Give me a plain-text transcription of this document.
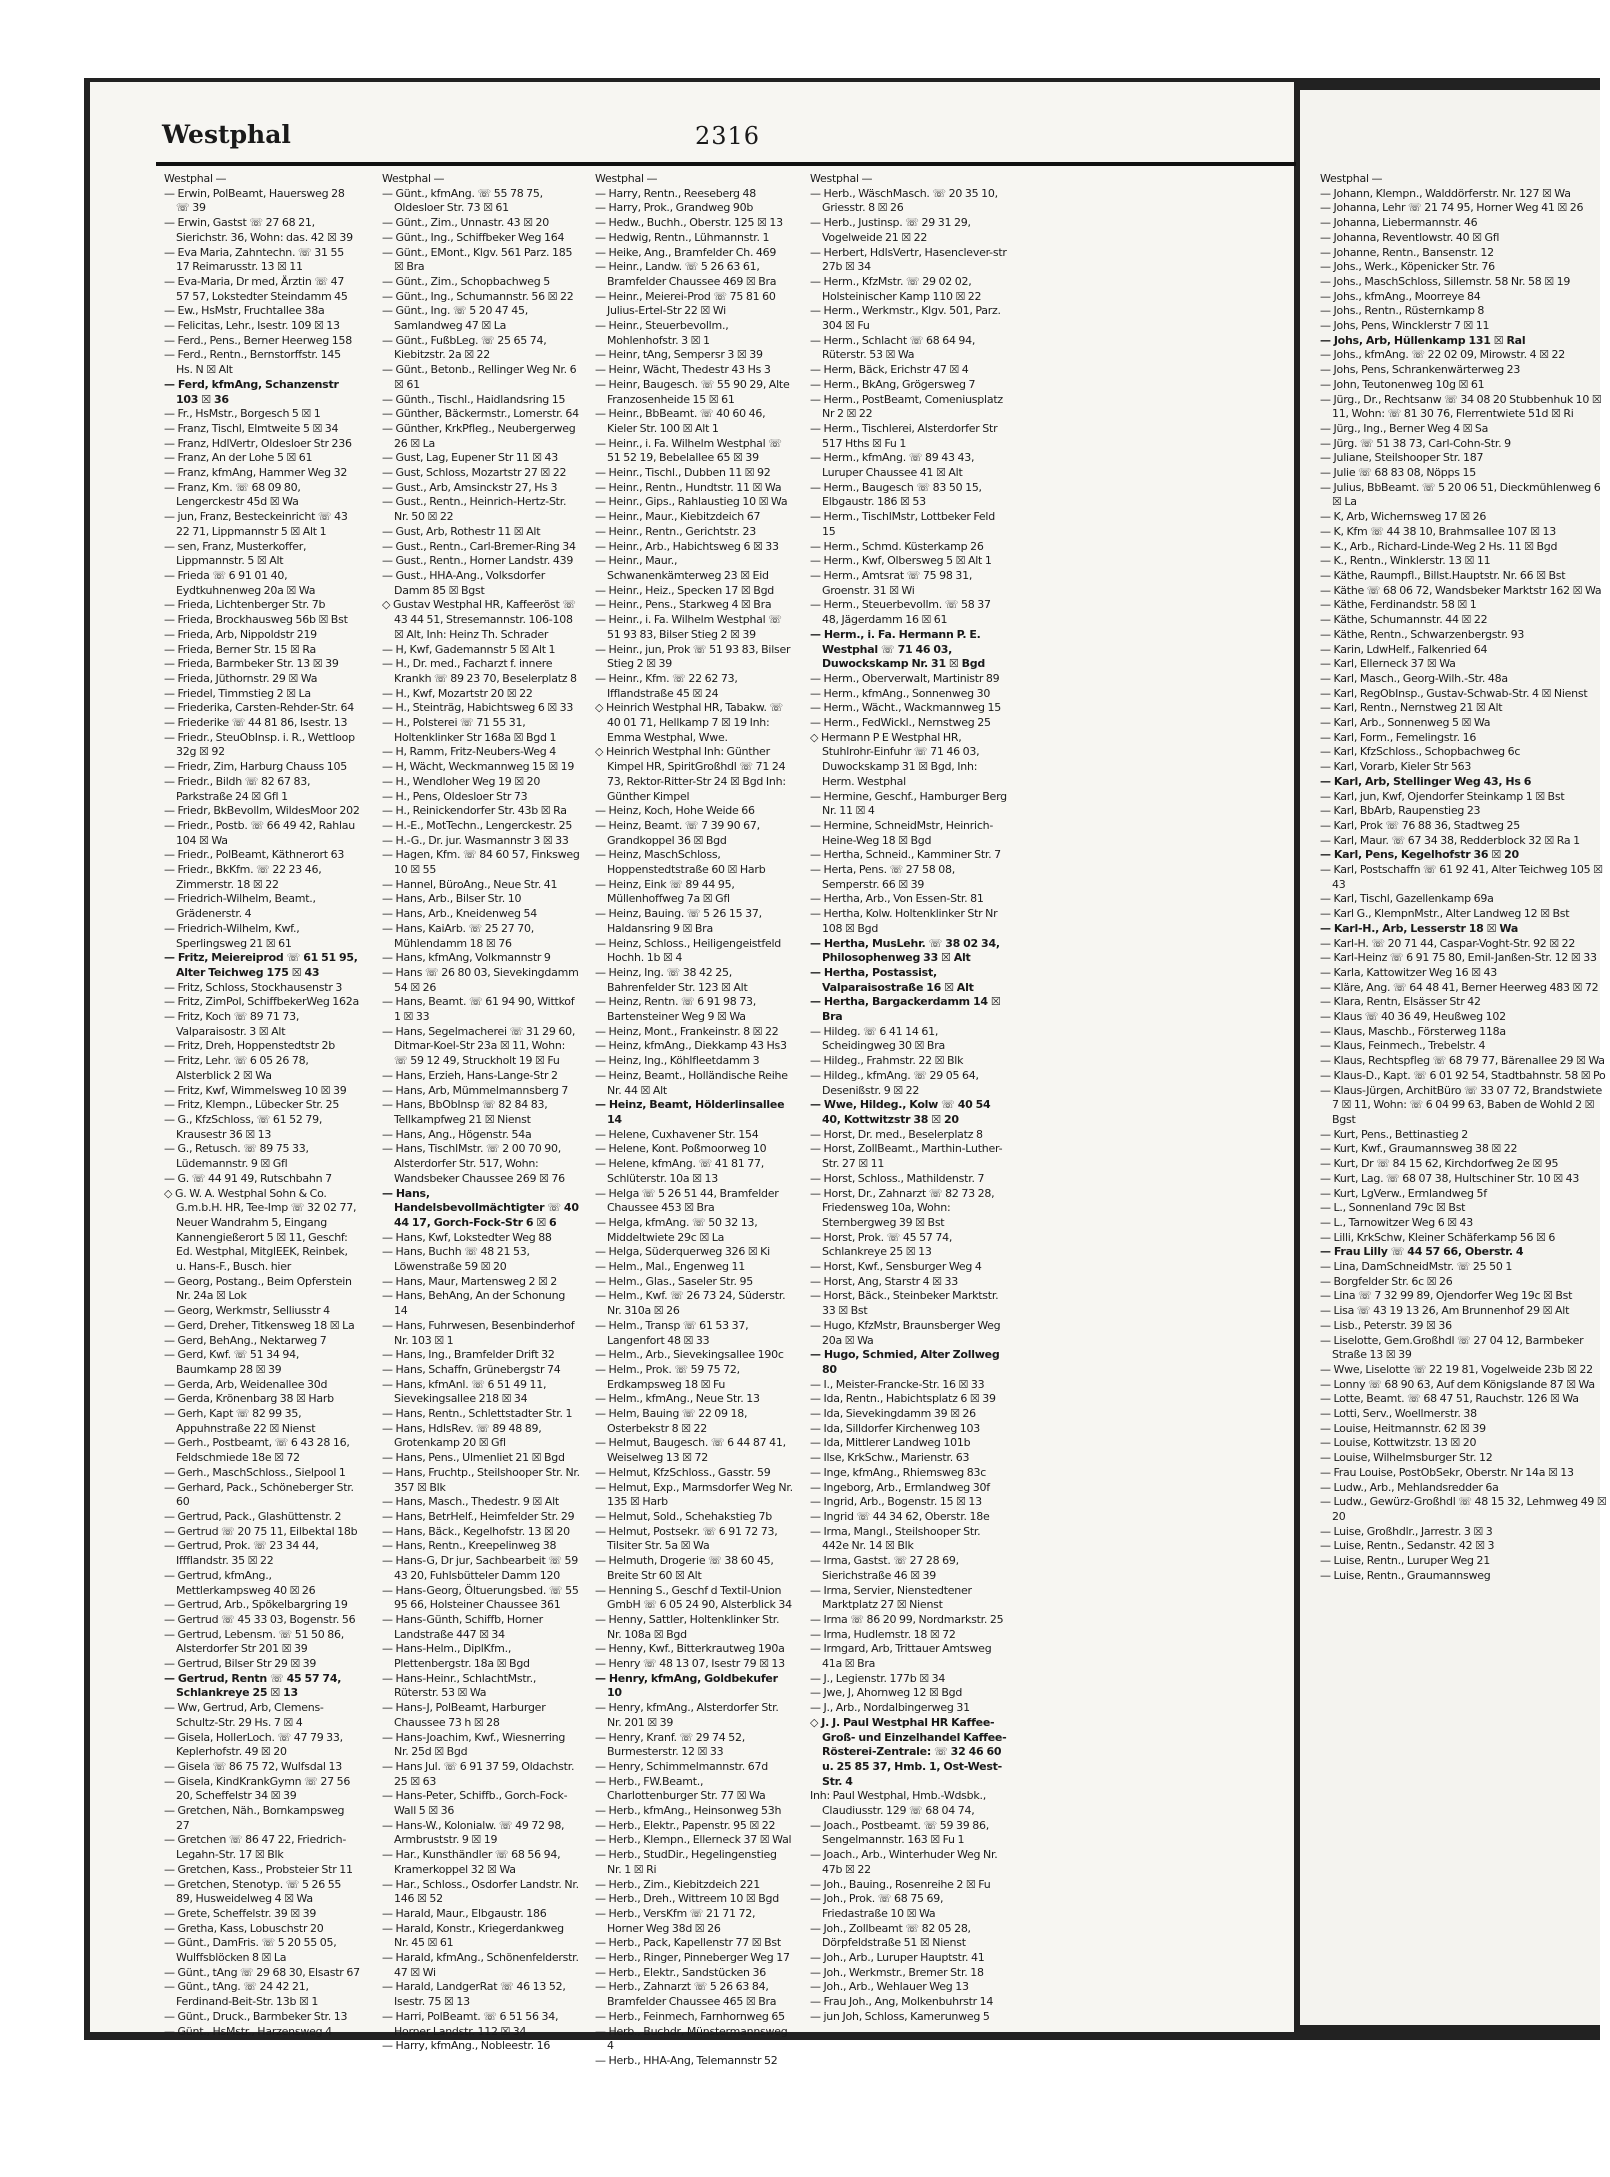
Westphal	2316
Westphal —
— Erwin, PolBeamt, Hauersweg 28 ☏ 39
— Erwin, Gastst ☏ 27 68 21, Sierichstr. 36, Wohn: das. 42 ☒ 39
— Eva Maria, Zahntechn. ☏ 31 55 17 Reimarusstr. 13 ☒ 11
— Eva-Maria, Dr med, Ärztin ☏ 47 57 57, Lokstedter Steindamm 45
— Ew., HsMstr, Fruchtallee 38a
— Felicitas, Lehr., Isestr. 109 ☒ 13
— Ferd., Pens., Berner Heerweg 158
— Ferd., Rentn., Bernstorffstr. 145 Hs. N ☒ Alt
— Ferd, kfmAng, Schanzenstr 103 ☒ 36
— Fr., HsMstr., Borgesch 5 ☒ 1
— Franz, Tischl, Elmtweite 5 ☒ 34
— Franz, HdlVertr, Oldesloer Str 236
— Franz, An der Lohe 5 ☒ 61
— Franz, kfmAng, Hammer Weg 32
— Franz, Km. ☏ 68 09 80, Lengerckestr 45d ☒ Wa
— jun, Franz, Besteckeinricht ☏ 43 22 71, Lippmannstr 5 ☒ Alt 1
— sen, Franz, Musterkoffer, Lippmannstr. 5 ☒ Alt
— Frieda ☏ 6 91 01 40, Eydtkuhnenweg 20a ☒ Wa
— Frieda, Lichtenberger Str. 7b
— Frieda, Brockhausweg 56b ☒ Bst
— Frieda, Arb, Nippoldstr 219
— Frieda, Berner Str. 15 ☒ Ra
— Frieda, Barmbeker Str. 13 ☒ 39
— Frieda, Jüthornstr. 29 ☒ Wa
— Friedel, Timmstieg 2 ☒ La
— Friederika, Carsten-Rehder-Str. 64
— Friederike ☏ 44 81 86, Isestr. 13
— Friedr., SteuObInsp. i. R., Wettloop 32g ☒ 92
— Friedr, Zim, Harburg Chauss 105
— Friedr., Bildh ☏ 82 67 83, Parkstraße 24 ☒ Gfl 1
— Friedr, BkBevollm, WildesMoor 202
— Friedr., Postb. ☏ 66 49 42, Rahlau 104 ☒ Wa
— Friedr., PolBeamt, Käthnerort 63
— Friedr., BkKfm. ☏ 22 23 46, Zimmerstr. 18 ☒ 22
— Friedrich-Wilhelm, Beamt., Grädenerstr. 4
— Friedrich-Wilhelm, Kwf., Sperlingsweg 21 ☒ 61
— Fritz, Meiereiprod ☏ 61 51 95, Alter Teichweg 175 ☒ 43
— Fritz, Schloss, Stockhausenstr 3
— Fritz, ZimPol, SchiffbekerWeg 162a
— Fritz, Koch ☏ 89 71 73, Valparaisostr. 3 ☒ Alt
— Fritz, Dreh, Hoppenstedtstr 2b
— Fritz, Lehr. ☏ 6 05 26 78, Alsterblick 2 ☒ Wa
— Fritz, Kwf, Wimmelsweg 10 ☒ 39
— Fritz, Klempn., Lübecker Str. 25
— G., KfzSchloss, ☏ 61 52 79, Krausestr 36 ☒ 13
— G., Retusch. ☏ 89 75 33, Lüdemannstr. 9 ☒ Gfl
— G. ☏ 44 91 49, Rutschbahn 7
◇ G. W. A. Westphal Sohn & Co. G.m.b.H. HR, Tee-Imp ☏ 32 02 77, Neuer Wandrahm 5, Eingang Kannengießerort 5 ☒ 11, Geschf: Ed. Westphal, MitglEEK, Reinbek, u. Hans-F., Busch. hier
— Georg, Postang., Beim Opferstein Nr. 24a ☒ Lok
— Georg, Werkmstr, Selliusstr 4
— Gerd, Dreher, Titkensweg 18 ☒ La
— Gerd, BehAng., Nektarweg 7
— Gerd, Kwf. ☏ 51 34 94, Baumkamp 28 ☒ 39
— Gerda, Arb, Weidenallee 30d
— Gerda, Krönenbarg 38 ☒ Harb
— Gerh, Kapt ☏ 82 99 35, Appuhnstraße 22 ☒ Nienst
— Gerh., Postbeamt, ☏ 6 43 28 16, Feldschmiede 18e ☒ 72
— Gerh., MaschSchloss., Sielpool 1
— Gerhard, Pack., Schöneberger Str. 60
— Gertrud, Pack., Glashüttenstr. 2
— Gertrud ☏ 20 75 11, Eilbektal 18b
— Gertrud, Prok. ☏ 23 34 44, Iffflandstr. 35 ☒ 22
— Gertrud, kfmAng., Mettlerkampsweg 40 ☒ 26
— Gertrud, Arb., Spökelbargring 19
— Gertrud ☏ 45 33 03, Bogenstr. 56
— Gertrud, Lebensm. ☏ 51 50 86, Alsterdorfer Str 201 ☒ 39
— Gertrud, Bilser Str 29 ☒ 39
— Gertrud, Rentn ☏ 45 57 74, Schlankreye 25 ☒ 13
— Ww, Gertrud, Arb, Clemens-Schultz-Str. 29 Hs. 7 ☒ 4
— Gisela, HollerLoch. ☏ 47 79 33, Keplerhofstr. 49 ☒ 20
— Gisela ☏ 86 75 72, Wulfsdal 13
— Gisela, KindKrankGymn ☏ 27 56 20, Scheffelstr 34 ☒ 39
— Gretchen, Näh., Bornkampsweg 27
— Gretchen ☏ 86 47 22, Friedrich-Legahn-Str. 17 ☒ Blk
— Gretchen, Kass., Probsteier Str 11
— Gretchen, Stenotyp. ☏ 5 26 55 89, Husweidelweg 4 ☒ Wa
— Grete, Scheffelstr. 39 ☒ 39
— Gretha, Kass, Lobuschstr 20
— Günt., DamFris. ☏ 5 20 55 05, Wulffsblöcken 8 ☒ La
— Günt., tAng ☏ 29 68 30, Elsastr 67
— Günt., tAng. ☏ 24 42 21, Ferdinand-Beit-Str. 13b ☒ 1
— Günt., Druck., Barmbeker Str. 13
— Günt., HsMstr., Harzensweg 4
Westphal —
— Günt., kfmAng. ☏ 55 78 75, Oldesloer Str. 73 ☒ 61
— Günt., Zim., Unnastr. 43 ☒ 20
— Günt., Ing., Schiffbeker Weg 164
— Günt., EMont., Klgv. 561 Parz. 185 ☒ Bra
— Günt., Zim., Schopbachweg 5
— Günt., Ing., Schumannstr. 56 ☒ 22
— Günt., Ing. ☏ 5 20 47 45, Samlandweg 47 ☒ La
— Günt., FußbLeg. ☏ 25 65 74, Kiebitzstr. 2a ☒ 22
— Günt., Betonb., Rellinger Weg Nr. 6 ☒ 61
— Günth., Tischl., Haidlandsring 15
— Günther, Bäckermstr., Lomerstr. 64
— Günther, KrkPfleg., Neubergerweg 26 ☒ La
— Gust, Lag, Eupener Str 11 ☒ 43
— Gust, Schloss, Mozartstr 27 ☒ 22
— Gust., Arb, Amsinckstr 27, Hs 3
— Gust., Rentn., Heinrich-Hertz-Str. Nr. 50 ☒ 22
— Gust, Arb, Rothestr 11 ☒ Alt
— Gust., Rentn., Carl-Bremer-Ring 34
— Gust., Rentn., Horner Landstr. 439
— Gust., HHA-Ang., Volksdorfer Damm 85 ☒ Bgst
◇ Gustav Westphal HR, Kaffeeröst ☏ 43 44 51, Stresemannstr. 106-108 ☒ Alt, Inh: Heinz Th. Schrader
— H, Kwf, Gademannstr 5 ☒ Alt 1
— H., Dr. med., Facharzt f. innere Krankh ☏ 89 23 70, Beselerplatz 8
— H., Kwf, Mozartstr 20 ☒ 22
— H., Steinträg, Habichtsweg 6 ☒ 33
— H., Polsterei ☏ 71 55 31, Holtenklinker Str 168a ☒ Bgd 1
— H, Ramm, Fritz-Neubers-Weg 4
— H, Wächt, Weckmannweg 15 ☒ 19
— H., Wendloher Weg 19 ☒ 20
— H., Pens, Oldesloer Str 73
— H., Reinickendorfer Str. 43b ☒ Ra
— H.-E., MotTechn., Lengerckestr. 25
— H.-G., Dr. jur. Wasmannstr 3 ☒ 33
— Hagen, Kfm. ☏ 84 60 57, Finksweg 10 ☒ 55
— Hannel, BüroAng., Neue Str. 41
— Hans, Arb., Bilser Str. 10
— Hans, Arb., Kneidenweg 54
— Hans, KaiArb. ☏ 25 27 70, Mühlendamm 18 ☒ 76
— Hans, kfmAng, Volkmannstr 9
— Hans ☏ 26 80 03, Sievekingdamm 54 ☒ 26
— Hans, Beamt. ☏ 61 94 90, Wittkof 1 ☒ 33
— Hans, Segelmacherei ☏ 31 29 60, Ditmar-Koel-Str 23a ☒ 11, Wohn: ☏ 59 12 49, Struckholt 19 ☒ Fu
— Hans, Erzieh, Hans-Lange-Str 2
— Hans, Arb, Mümmelmannsberg 7
— Hans, BbObInsp ☏ 82 84 83, Tellkampfweg 21 ☒ Nienst
— Hans, Ang., Högenstr. 54a
— Hans, TischlMstr. ☏ 2 00 70 90, Alsterdorfer Str. 517, Wohn: Wandsbeker Chaussee 269 ☒ 76
— Hans, Handelsbevollmächtigter ☏ 40 44 17, Gorch-Fock-Str 6 ☒ 6
— Hans, Kwf, Lokstedter Weg 88
— Hans, Buchh ☏ 48 21 53, Löwenstraße 59 ☒ 20
— Hans, Maur, Martensweg 2 ☒ 2
— Hans, BehAng, An der Schonung 14
— Hans, Fuhrwesen, Besenbinderhof Nr. 103 ☒ 1
— Hans, Ing., Bramfelder Drift 32
— Hans, Schaffn, Grünebergstr 74
— Hans, kfmAnl. ☏ 6 51 49 11, Sievekingsallee 218 ☒ 34
— Hans, Rentn., Schlettstadter Str. 1
— Hans, HdlsRev. ☏ 89 48 89, Grotenkamp 20 ☒ Gfl
— Hans, Pens., Ulmenliet 21 ☒ Bgd
— Hans, Fruchtp., Steilshooper Str. Nr. 357 ☒ Blk
— Hans, Masch., Thedestr. 9 ☒ Alt
— Hans, BetrHelf., Heimfelder Str. 29
— Hans, Bäck., Kegelhofstr. 13 ☒ 20
— Hans, Rentn., Kreepelinweg 38
— Hans-G, Dr jur, Sachbearbeit ☏ 59 43 20, Fuhlsbütteler Damm 120
— Hans-Georg, Öltuerungsbed. ☏ 55 95 66, Holsteiner Chaussee 361
— Hans-Günth, Schiffb, Horner Landstraße 447 ☒ 34
— Hans-Helm., DiplKfm., Plettenbergstr. 18a ☒ Bgd
— Hans-Heinr., SchlachtMstr., Rüterstr. 53 ☒ Wa
— Hans-J, PolBeamt, Harburger Chaussee 73 h ☒ 28
— Hans-Joachim, Kwf., Wiesnerring Nr. 25d ☒ Bgd
— Hans Jul. ☏ 6 91 37 59, Oldachstr. 25 ☒ 63
— Hans-Peter, Schiffb., Gorch-Fock-Wall 5 ☒ 36
— Hans-W., Kolonialw. ☏ 49 72 98, Armbruststr. 9 ☒ 19
— Har., Kunsthändler ☏ 68 56 94, Kramerkoppel 32 ☒ Wa
— Har., Schloss., Osdorfer Landstr. Nr. 146 ☒ 52
— Harald, Maur., Elbgaustr. 186
— Harald, Konstr., Kriegerdankweg Nr. 45 ☒ 61
— Harald, kfmAng., Schönenfelderstr. 47 ☒ Wi
— Harald, LandgerRat ☏ 46 13 52, Isestr. 75 ☒ 13
— Harri, PolBeamt. ☏ 6 51 56 34, Horner Landstr. 112 ☒ 34
— Harry, kfmAng., Nobleestr. 16
Westphal —
— Harry, Rentn., Reeseberg 48
— Harry, Prok., Grandweg 90b
— Hedw., Buchh., Oberstr. 125 ☒ 13
— Hedwig, Rentn., Lühmannstr. 1
— Heike, Ang., Bramfelder Ch. 469
— Heinr., Landw. ☏ 5 26 63 61, Bramfelder Chaussee 469 ☒ Bra
— Heinr., Meierei-Prod ☏ 75 81 60 Julius-Ertel-Str 22 ☒ Wi
— Heinr., Steuerbevollm., Mohlenhofstr. 3 ☒ 1
— Heinr, tAng, Sempersr 3 ☒ 39
— Heinr, Wächt, Thedestr 43 Hs 3
— Heinr, Baugesch. ☏ 55 90 29, Alte Franzosenheide 15 ☒ 61
— Heinr., BbBeamt. ☏ 40 60 46, Kieler Str. 100 ☒ Alt 1
— Heinr., i. Fa. Wilhelm Westphal ☏ 51 52 19, Bebelallee 65 ☒ 39
— Heinr., Tischl., Dubben 11 ☒ 92
— Heinr., Rentn., Hundtstr. 11 ☒ Wa
— Heinr., Gips., Rahlaustieg 10 ☒ Wa
— Heinr., Maur., Kiebitzdeich 67
— Heinr., Rentn., Gerichtstr. 23
— Heinr., Arb., Habichtsweg 6 ☒ 33
— Heinr., Maur., Schwanenkämterweg 23 ☒ Eid
— Heinr., Heiz., Specken 17 ☒ Bgd
— Heinr., Pens., Starkweg 4 ☒ Bra
— Heinr., i. Fa. Wilhelm Westphal ☏ 51 93 83, Bilser Stieg 2 ☒ 39
— Heinr., jun, Prok ☏ 51 93 83, Bilser Stieg 2 ☒ 39
— Heinr., Kfm. ☏ 22 62 73, Ifflandstraße 45 ☒ 24
◇ Heinrich Westphal HR, Tabakw. ☏ 40 01 71, Hellkamp 7 ☒ 19 Inh: Emma Westphal, Wwe.
◇ Heinrich Westphal Inh: Günther Kimpel HR, SpiritGroßhdl ☏ 71 24 73, Rektor-Ritter-Str 24 ☒ Bgd Inh: Günther Kimpel
— Heinz, Koch, Hohe Weide 66
— Heinz, Beamt. ☏ 7 39 90 67, Grandkoppel 36 ☒ Bgd
— Heinz, MaschSchloss, Hoppenstedtstraße 60 ☒ Harb
— Heinz, Eink ☏ 89 44 95, Müllenhoffweg 7a ☒ Gfl
— Heinz, Bauing. ☏ 5 26 15 37, Haldansring 9 ☒ Bra
— Heinz, Schloss., Heiligengeistfeld Hochh. 1b ☒ 4
— Heinz, Ing. ☏ 38 42 25, Bahrenfelder Str. 123 ☒ Alt
— Heinz, Rentn. ☏ 6 91 98 73, Bartensteiner Weg 9 ☒ Wa
— Heinz, Mont., Frankeinstr. 8 ☒ 22
— Heinz, kfmAng., Diekkamp 43 Hs3
— Heinz, Ing., Köhlfleetdamm 3
— Heinz, Beamt., Holländische Reihe Nr. 44 ☒ Alt
— Heinz, Beamt, Hölderlinsallee 14
— Helene, Cuxhavener Str. 154
— Helene, Kont. Poßmoorweg 10
— Helene, kfmAng. ☏ 41 81 77, Schlüterstr. 10a ☒ 13
— Helga ☏ 5 26 51 44, Bramfelder Chaussee 453 ☒ Bra
— Helga, kfmAng. ☏ 50 32 13, Middeltwiete 29c ☒ La
— Helga, Süderquerweg 326 ☒ Ki
— Helm., Mal., Engenweg 11
— Helm., Glas., Saseler Str. 95
— Helm., Kwf. ☏ 26 73 24, Süderstr. Nr. 310a ☒ 26
— Helm., Transp ☏ 61 53 37, Langenfort 48 ☒ 33
— Helm., Arb., Sievekingsallee 190c
— Helm., Prok. ☏ 59 75 72, Erdkampsweg 18 ☒ Fu
— Helm., kfmAng., Neue Str. 13
— Helm, Bauing ☏ 22 09 18, Osterbekstr 8 ☒ 22
— Helmut, Baugesch. ☏ 6 44 87 41, Weiselweg 13 ☒ 72
— Helmut, KfzSchloss., Gasstr. 59
— Helmut, Exp., Marmsdorfer Weg Nr. 135 ☒ Harb
— Helmut, Sold., Schehakstieg 7b
— Helmut, Postsekr. ☏ 6 91 72 73, Tilsiter Str. 5a ☒ Wa
— Helmuth, Drogerie ☏ 38 60 45, Breite Str 60 ☒ Alt
— Henning S., Geschf d Textil-Union GmbH ☏ 6 05 24 90, Alsterblick 34
— Henny, Sattler, Holtenklinker Str. Nr. 108a ☒ Bgd
— Henny, Kwf., Bitterkrautweg 190a
— Henry ☏ 48 13 07, Isestr 79 ☒ 13
— Henry, kfmAng, Goldbekufer 10
— Henry, kfmAng., Alsterdorfer Str. Nr. 201 ☒ 39
— Henry, Kranf. ☏ 29 74 52, Burmesterstr. 12 ☒ 33
— Henry, Schimmelmannstr. 67d
— Herb., FW.Beamt., Charlottenburger Str. 77 ☒ Wa
— Herb., kfmAng., Heinsonweg 53h
— Herb., Elektr., Papenstr. 95 ☒ 22
— Herb., Klempn., Ellerneck 37 ☒ Wal
— Herb., StudDir., Hegelingenstieg Nr. 1 ☒ Ri
— Herb., Zim., Kiebitzdeich 221
— Herb., Dreh., Wittreem 10 ☒ Bgd
— Herb., VersKfm ☏ 21 71 72, Horner Weg 38d ☒ 26
— Herb., Pack, Kapellenstr 77 ☒ Bst
— Herb., Ringer, Pinneberger Weg 17
— Herb., Elektr., Sandstücken 36
— Herb., Zahnarzt ☏ 5 26 63 84, Bramfelder Chaussee 465 ☒ Bra
— Herb., Feinmech, Farnhornweg 65
— Herb., Buchdr, Münstermannsweg 4
— Herb., HHA-Ang, Telemannstr 52
Westphal —
— Herb., WäschMasch. ☏ 20 35 10, Griesstr. 8 ☒ 26
— Herb., Justinsp. ☏ 29 31 29, Vogelweide 21 ☒ 22
— Herbert, HdlsVertr, Hasenclever-str 27b ☒ 34
— Herm., KfzMstr. ☏ 29 02 02, Holsteinischer Kamp 110 ☒ 22
— Herm., Werkmstr., Klgv. 501, Parz. 304 ☒ Fu
— Herm., Schlacht ☏ 68 64 94, Rüterstr. 53 ☒ Wa
— Herm, Bäck, Erichstr 47 ☒ 4
— Herm., BkAng, Grögersweg 7
— Herm., PostBeamt, Comeniusplatz Nr 2 ☒ 22
— Herm., Tischlerei, Alsterdorfer Str 517 Hths ☒ Fu 1
— Herm., kfmAng. ☏ 89 43 43, Luruper Chaussee 41 ☒ Alt
— Herm., Baugesch ☏ 83 50 15, Elbgaustr. 186 ☒ 53
— Herm., TischlMstr, Lottbeker Feld 15
— Herm., Schmd. Küsterkamp 26
— Herm., Kwf, Olbersweg 5 ☒ Alt 1
— Herm., Amtsrat ☏ 75 98 31, Groenstr. 31 ☒ Wi
— Herm., Steuerbevollm. ☏ 58 37 48, Jägerdamm 16 ☒ 61
— Herm., i. Fa. Hermann P. E. Westphal ☏ 71 46 03, Duwockskamp Nr. 31 ☒ Bgd
— Herm., Oberverwalt, Martinistr 89
— Herm., kfmAng., Sonnenweg 30
— Herm., Wächt., Wackmannweg 15
— Herm., FedWickl., Nernstweg 25
◇ Hermann P E Westphal HR, Stuhlrohr-Einfuhr ☏ 71 46 03, Duwockskamp 31 ☒ Bgd, Inh: Herm. Westphal
— Hermine, Geschf., Hamburger Berg Nr. 11 ☒ 4
— Hermine, SchneidMstr, Heinrich-Heine-Weg 18 ☒ Bgd
— Hertha, Schneid., Kamminer Str. 7
— Herta, Pens. ☏ 27 58 08, Semperstr. 66 ☒ 39
— Hertha, Arb., Von Essen-Str. 81
— Hertha, Kolw. Holtenklinker Str Nr 108 ☒ Bgd
— Hertha, MusLehr. ☏ 38 02 34, Philosophenweg 33 ☒ Alt
— Hertha, Postassist, Valparaisostraße 16 ☒ Alt
— Hertha, Bargackerdamm 14 ☒ Bra
— Hildeg. ☏ 6 41 14 61, Scheidingweg 30 ☒ Bra
— Hildeg., Frahmstr. 22 ☒ Blk
— Hildeg., kfmAng. ☏ 29 05 64, Desenißstr. 9 ☒ 22
— Wwe, Hildeg., Kolw ☏ 40 54 40, Kottwitzstr 38 ☒ 20
— Horst, Dr. med., Beselerplatz 8
— Horst, ZollBeamt., Marthin-Luther-Str. 27 ☒ 11
— Horst, Schloss., Mathildenstr. 7
— Horst, Dr., Zahnarzt ☏ 82 73 28, Friedensweg 10a, Wohn: Sternbergweg 39 ☒ Bst
— Horst, Prok. ☏ 45 57 74, Schlankreye 25 ☒ 13
— Horst, Kwf., Sensburger Weg 4
— Horst, Ang, Starstr 4 ☒ 33
— Horst, Bäck., Steinbeker Marktstr. 33 ☒ Bst
— Hugo, KfzMstr, Braunsberger Weg 20a ☒ Wa
— Hugo, Schmied, Alter Zollweg 80
— I., Meister-Francke-Str. 16 ☒ 33
— Ida, Rentn., Habichtsplatz 6 ☒ 39
— Ida, Sievekingdamm 39 ☒ 26
— Ida, Silldorfer Kirchenweg 103
— Ida, Mittlerer Landweg 101b
— Ilse, KrkSchw., Marienstr. 63
— Inge, kfmAng., Rhiemsweg 83c
— Ingeborg, Arb., Ermlandweg 30f
— Ingrid, Arb., Bogenstr. 15 ☒ 13
— Ingrid ☏ 44 34 62, Oberstr. 18e
— Irma, Mangl., Steilshooper Str. 442e Nr. 14 ☒ Blk
— Irma, Gastst. ☏ 27 28 69, Sierichstraße 46 ☒ 39
— Irma, Servier, Nienstedtener Marktplatz 27 ☒ Nienst
— Irma ☏ 86 20 99, Nordmarkstr. 25
— Irma, Hudlemstr. 18 ☒ 72
— Irmgard, Arb, Trittauer Amtsweg 41a ☒ Bra
— J., Legienstr. 177b ☒ 34
— Jwe, J, Ahornweg 12 ☒ Bgd
— J., Arb., Nordalbingerweg 31
◇ J. J. Paul Westphal HR Kaffee-Groß- und Einzelhandel Kaffee-Rösterei-Zentrale: ☏ 32 46 60 u. 25 85 37, Hmb. 1, Ost-West-Str. 4
Inh: Paul Westphal, Hmb.-Wdsbk., Claudiusstr. 129 ☏ 68 04 74,
— Joach., Postbeamt. ☏ 59 39 86, Sengelmannstr. 163 ☒ Fu 1
— Joach., Arb., Winterhuder Weg Nr. 47b ☒ 22
— Joh., Bauing., Rosenreihe 2 ☒ Fu
— Joh., Prok. ☏ 68 75 69, Friedastraße 10 ☒ Wa
— Joh., Zollbeamt ☏ 82 05 28, Dörpfeldstraße 51 ☒ Nienst
— Joh., Arb., Luruper Hauptstr. 41
— Joh., Werkmstr., Bremer Str. 18
— Joh., Arb., Wehlauer Weg 13
— Frau Joh., Ang, Molkenbuhrstr 14
— jun Joh, Schloss, Kamerunweg 5
Westphal —
— Johann, Klempn., Walddörferstr. Nr. 127 ☒ Wa
— Johanna, Lehr ☏ 21 74 95, Horner Weg 41 ☒ 26
— Johanna, Liebermannstr. 46
— Johanna, Reventlowstr. 40 ☒ Gfl
— Johanne, Rentn., Bansenstr. 12
— Johs., Werk., Köpenicker Str. 76
— Johs., MaschSchloss, Sillemstr. 58 Nr. 58 ☒ 19
— Johs., kfmAng., Moorreye 84
— Johs., Rentn., Rüsternkamp 8
— Johs, Pens, Wincklerstr 7 ☒ 11
— Johs, Arb, Hüllenkamp 131 ☒ Ral
— Johs., kfmAng. ☏ 22 02 09, Mirowstr. 4 ☒ 22
— Johs, Pens, Schrankenwärterweg 23
— John, Teutonenweg 10g ☒ 61
— Jürg., Dr., Rechtsanw ☏ 34 08 20 Stubbenhuk 10 ☒ 11, Wohn: ☏ 81 30 76, Flerrentwiete 51d ☒ Ri
— Jürg., Ing., Berner Weg 4 ☒ Sa
— Jürg. ☏ 51 38 73, Carl-Cohn-Str. 9
— Juliane, Steilshooper Str. 187
— Julie ☏ 68 83 08, Nöpps 15
— Julius, BbBeamt. ☏ 5 20 06 51, Dieckmühlenweg 6 ☒ La
— K, Arb, Wichernsweg 17 ☒ 26
— K, Kfm ☏ 44 38 10, Brahmsallee 107 ☒ 13
— K., Arb., Richard-Linde-Weg 2 Hs. 11 ☒ Bgd
— K., Rentn., Winklerstr. 13 ☒ 11
— Käthe, Raumpfl., Billst.Hauptstr. Nr. 66 ☒ Bst
— Käthe ☏ 68 06 72, Wandsbeker Marktstr 162 ☒ Wa
— Käthe, Ferdinandstr. 58 ☒ 1
— Käthe, Schumannstr. 44 ☒ 22
— Käthe, Rentn., Schwarzenbergstr. 93
— Karin, LdwHelf., Falkenried 64
— Karl, Ellerneck 37 ☒ Wa
— Karl, Masch., Georg-Wilh.-Str. 48a
— Karl, RegObInsp., Gustav-Schwab-Str. 4 ☒ Nienst
— Karl, Rentn., Nernstweg 21 ☒ Alt
— Karl, Arb., Sonnenweg 5 ☒ Wa
— Karl, Form., Femelingstr. 16
— Karl, KfzSchloss., Schopbachweg 6c
— Karl, Vorarb, Kieler Str 563
— Karl, Arb, Stellinger Weg 43, Hs 6
— Karl, jun, Kwf, Ojendorfer Steinkamp 1 ☒ Bst
— Karl, BbArb, Raupenstieg 23
— Karl, Prok ☏ 76 88 36, Stadtweg 25
— Karl, Maur. ☏ 67 34 38, Redderblock 32 ☒ Ra 1
— Karl, Pens, Kegelhofstr 36 ☒ 20
— Karl, Postschaffn ☏ 61 92 41, Alter Teichweg 105 ☒ 43
— Karl, Tischl, Gazellenkamp 69a
— Karl G., KlempnMstr., Alter Landweg 12 ☒ Bst
— Karl-H., Arb, Lesserstr 18 ☒ Wa
— Karl-H. ☏ 20 71 44, Caspar-Voght-Str. 92 ☒ 22
— Karl-Heinz ☏ 6 91 75 80, Emil-Janßen-Str. 12 ☒ 33
— Karla, Kattowitzer Weg 16 ☒ 43
— Kläre, Ang. ☏ 64 48 41, Berner Heerweg 483 ☒ 72
— Klara, Rentn, Elsässer Str 42
— Klaus ☏ 40 36 49, Heußweg 102
— Klaus, Maschb., Försterweg 118a
— Klaus, Feinmech., Trebelstr. 4
— Klaus, Rechtspfleg ☏ 68 79 77, Bärenallee 29 ☒ Wa
— Klaus-D., Kapt. ☏ 6 01 92 54, Stadtbahnstr. 58 ☒ Po
— Klaus-Jürgen, ArchitBüro ☏ 33 07 72, Brandstwiete 7 ☒ 11, Wohn: ☏ 6 04 99 63, Baben de Wohld 2 ☒ Bgst
— Kurt, Pens., Bettinastieg 2
— Kurt, Kwf., Graumannsweg 38 ☒ 22
— Kurt, Dr ☏ 84 15 62, Kirchdorfweg 2e ☒ 95
— Kurt, Lag. ☏ 68 07 38, Hultschiner Str. 10 ☒ 43
— Kurt, LgVerw., Ermlandweg 5f
— L., Sonnenland 79c ☒ Bst
— L., Tarnowitzer Weg 6 ☒ 43
— Lilli, KrkSchw, Kleiner Schäferkamp 56 ☒ 6
— Frau Lilly ☏ 44 57 66, Oberstr. 4
— Lina, DamSchneidMstr. ☏ 25 50 1
— Borgfelder Str. 6c ☒ 26
— Lina ☏ 7 32 99 89, Ojendorfer Weg 19c ☒ Bst
— Lisa ☏ 43 19 13 26, Am Brunnenhof 29 ☒ Alt
— Lisb., Peterstr. 39 ☒ 36
— Liselotte, Gem.Großhdl ☏ 27 04 12, Barmbeker Straße 13 ☒ 39
— Wwe, Liselotte ☏ 22 19 81, Vogelweide 23b ☒ 22
— Lonny ☏ 68 90 63, Auf dem Königslande 87 ☒ Wa
— Lotte, Beamt. ☏ 68 47 51, Rauchstr. 126 ☒ Wa
— Lotti, Serv., Woellmerstr. 38
— Louise, Heitmannstr. 62 ☒ 39
— Louise, Kottwitzstr. 13 ☒ 20
— Louise, Wilhelmsburger Str. 12
— Frau Louise, PostObSekr, Oberstr. Nr 14a ☒ 13
— Ludw., Arb., Mehlandsredder 6a
— Ludw., Gewürz-Großhdl ☏ 48 15 32, Lehmweg 49 ☒ 20
— Luise, Großhdlr., Jarrestr. 3 ☒ 3
— Luise, Rentn., Sedanstr. 42 ☒ 3
— Luise, Rentn., Luruper Weg 21
— Luise, Rentn., Graumannsweg
